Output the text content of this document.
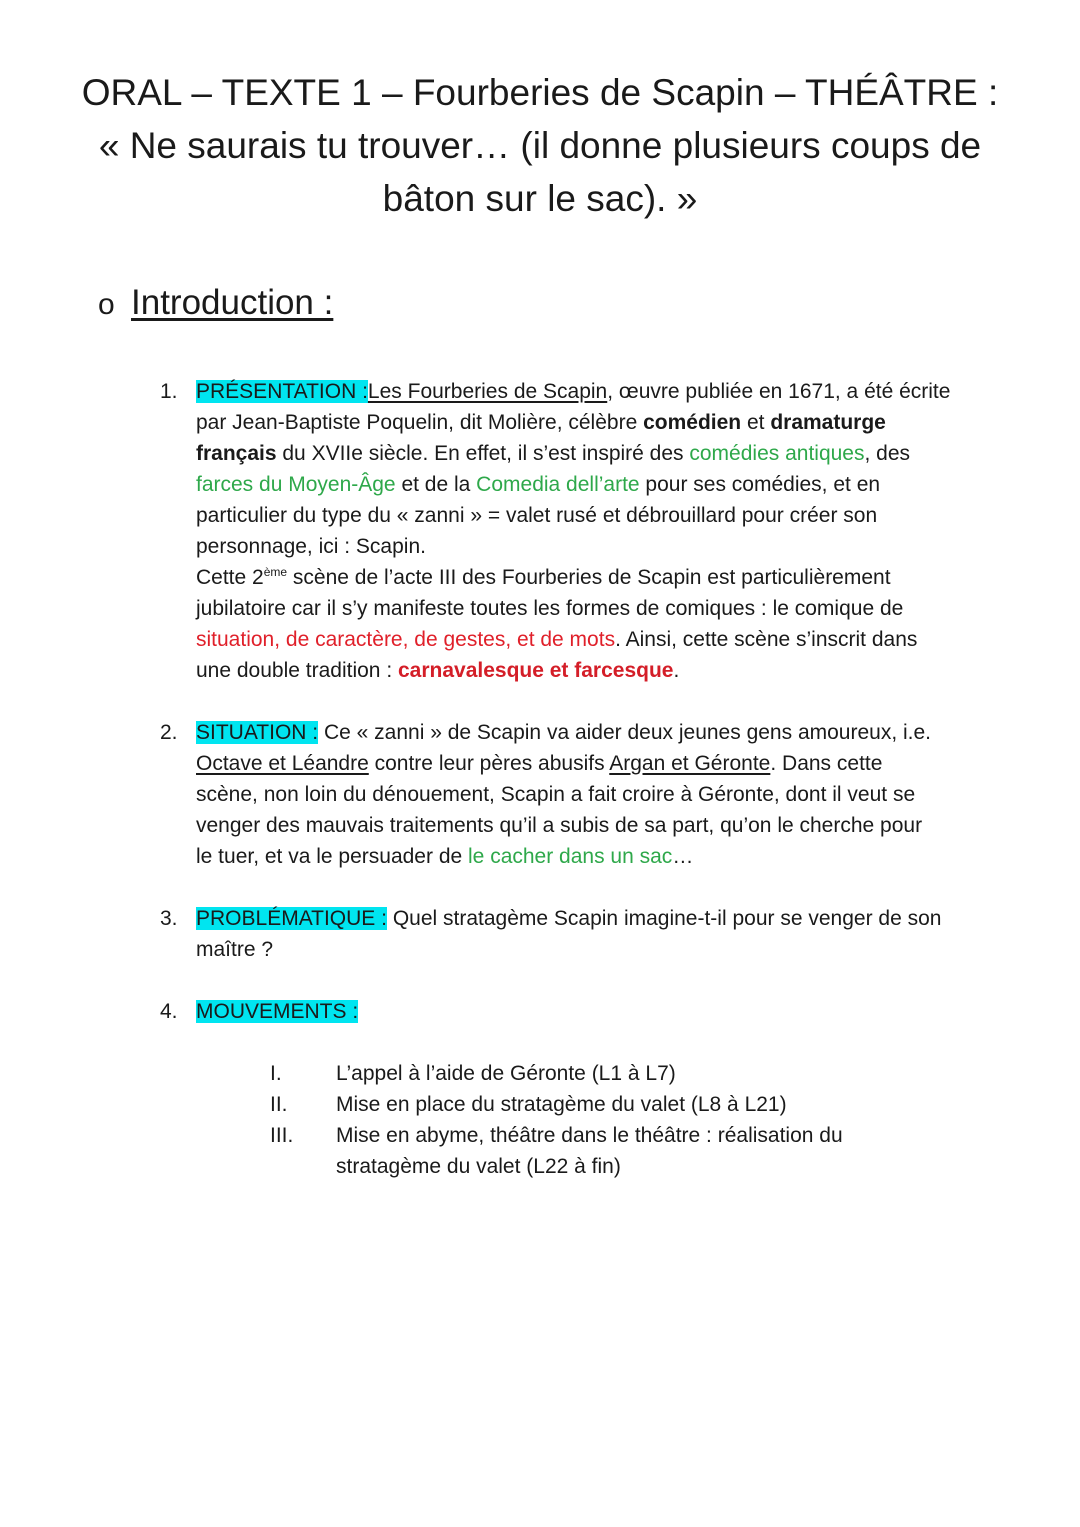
ORAL – TEXTE 1 – Fourberies de Scapin – THÉÂTRE :
« Ne saurais tu trouver… (il donne plusieurs coups de
bâton sur le sac). »
o Introduction :
1. PRÉSENTATION :Les Fourberies de Scapin, œuvre publiée en 1671, a été écrite
par Jean-Baptiste Poquelin, dit Molière, célèbre comédien et dramaturge
français du XVIIe siècle. En effet, il s’est inspiré des comédies antiques, des
farces du Moyen-Âge et de la Comedia dell’arte pour ses comédies, et en
particulier du type du « zanni » = valet rusé et débrouillard pour créer son
personnage, ici : Scapin.
Cette 2ème scène de l’acte III des Fourberies de Scapin est particulièrement
jubilatoire car il s’y manifeste toutes les formes de comiques : le comique de
situation, de caractère, de gestes, et de mots. Ainsi, cette scène s’inscrit dans
une double tradition : carnavalesque et farcesque.
2. SITUATION : Ce « zanni » de Scapin va aider deux jeunes gens amoureux, i.e.
Octave et Léandre contre leur pères abusifs Argan et Géronte. Dans cette
scène, non loin du dénouement, Scapin a fait croire à Géronte, dont il veut se
venger des mauvais traitements qu’il a subis de sa part, qu’on le cherche pour
le tuer, et va le persuader de le cacher dans un sac…
3. PROBLÉMATIQUE : Quel stratagème Scapin imagine-t-il pour se venger de son
maître ?
4. MOUVEMENTS :
I.	L’appel à l’aide de Géronte (L1 à L7)
II.	Mise en place du stratagème du valet (L8 à L21)
III.	Mise en abyme, théâtre dans le théâtre : réalisation du
stratagème du valet (L22 à fin)
